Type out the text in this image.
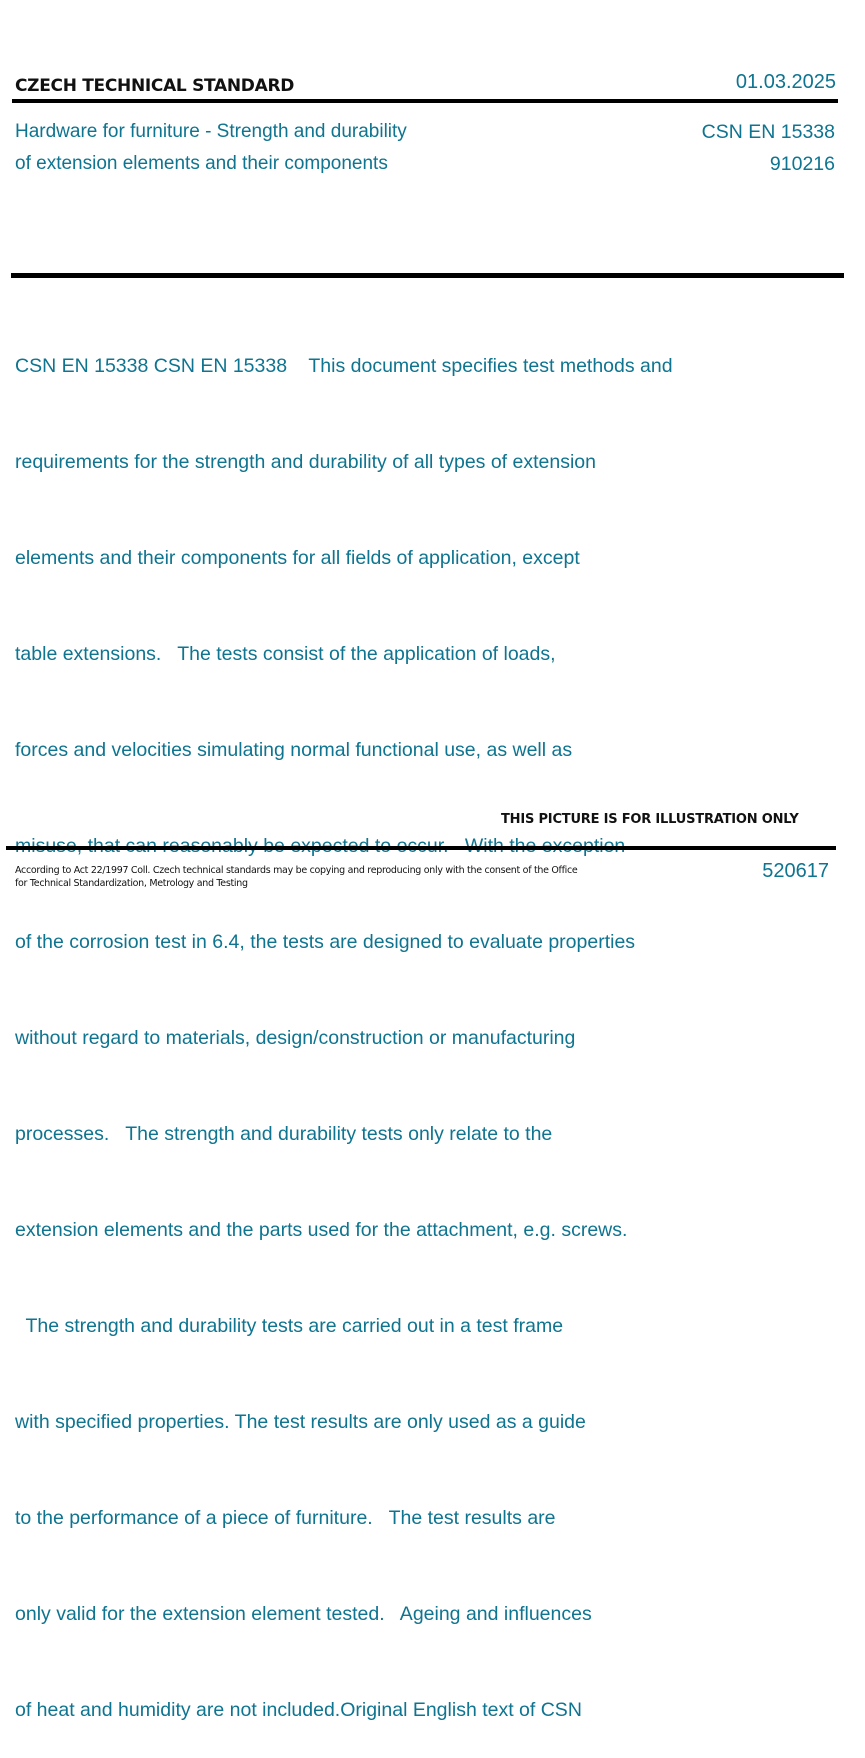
CZECH TECHNICAL STANDARD	01.03.2025
Hardware for furniture - Strength and durability
of extension elements and their components
CSN EN 15338
910216

CSN EN 15338 CSN EN 15338    This document specifies test methods and

requirements for the strength and durability of all types of extension

elements and their components for all fields of application, except

table extensions.   The tests consist of the application of loads,

forces and velocities simulating normal functional use, as well as

of the corrosion test in 6.4, the tests are designed to evaluate properties

without regard to materials, design/construction or manufacturing

processes.   The strength and durability tests only relate to the

extension elements and the parts used for the attachment, e.g. screws.

The strength and durability tests are carried out in a test frame

with specified properties. The test results are only used as a guide

to the performance of a piece of furniture.   The test results are

only valid for the extension element tested.   Ageing and influences

of heat and humidity are not included.Original English text of CSN

THIS PICTURE IS FOR ILLUSTRATION ONLY
According to Act 22/1997 Coll. Czech technical standards may be copying and reproducing only with the consent of the Office
for Technical Standardization, Metrology and Testing
520617
